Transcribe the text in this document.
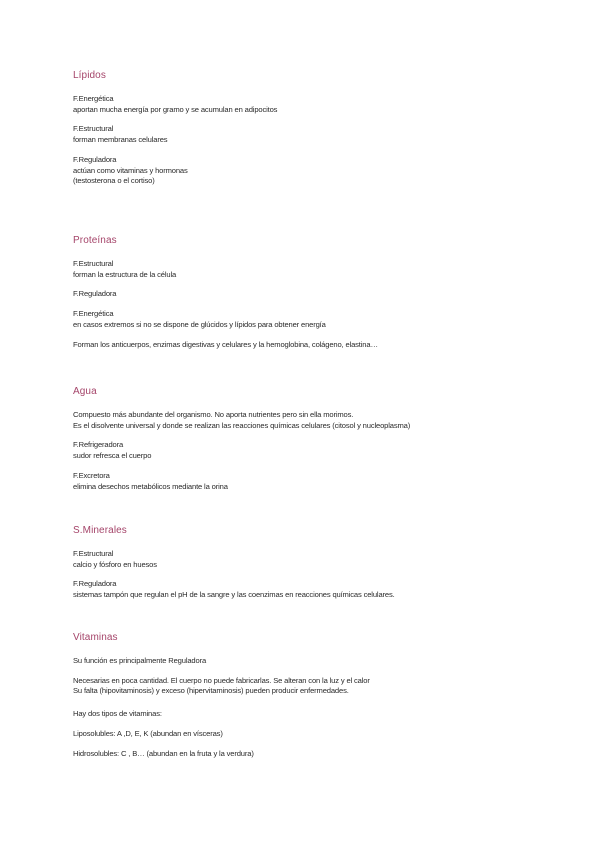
Lípidos
F.Energética
aportan mucha energía por gramo y se acumulan en adipocitos
F.Estructural
forman membranas celulares
F.Reguladora
actúan como vitaminas y hormonas
(testosterona o el cortiso)
Proteínas
F.Estructural
forman la estructura de la célula
F.Reguladora
F.Energética
en casos extremos si no se dispone de glúcidos y lípidos para obtener energía
Forman los anticuerpos, enzimas digestivas y celulares y la hemoglobina, colágeno, elastina…
Agua
Compuesto más abundante del organismo. No aporta nutrientes pero sin ella morimos.
Es el disolvente universal y donde se realizan las reacciones químicas celulares (citosol y nucleoplasma)
F.Refrigeradora
sudor refresca el cuerpo
F.Excretora
elimina desechos metabólicos mediante la orina
S.Minerales
F.Estructural
calcio y fósforo en huesos
F.Reguladora
sistemas tampón que regulan el pH de la sangre y las coenzimas en reacciones químicas celulares.
Vitaminas
Su función es principalmente Reguladora
Necesarias en poca cantidad. El cuerpo no puede fabricarlas. Se alteran con la luz y el calor
Su falta (hipovitaminosis) y exceso (hipervitaminosis) pueden producir enfermedades.
Hay dos tipos de vitaminas:
Liposolubles: A ,D, E, K (abundan en vísceras)
Hidrosolubles: C , B… (abundan en la fruta y la verdura)
